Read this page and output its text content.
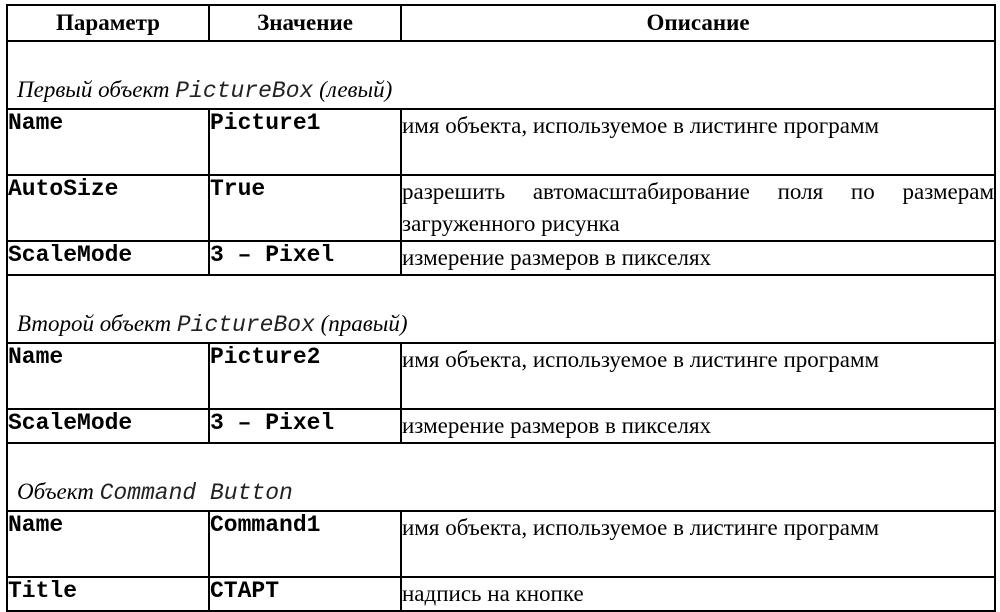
Параметр	Значение	Описание

Первый объект PictureBox (левый)		

Name	Picture1	имя объекта, используемое в листинге программ
AutoSize	True	разрешить автомасштабирование поля по размерам загруженного рисунка
ScaleMode	3 – Pixel	измерение размеров в пикселях

Второй объект PictureBox (правый)		

Name	Picture2	имя объекта, используемое в листинге программ
ScaleMode	3 – Pixel	измерение размеров в пикселях

Объект Command Button		

Name	Command1	имя объекта, используемое в листинге программ
Title	СТАРТ	надпись на кнопке
